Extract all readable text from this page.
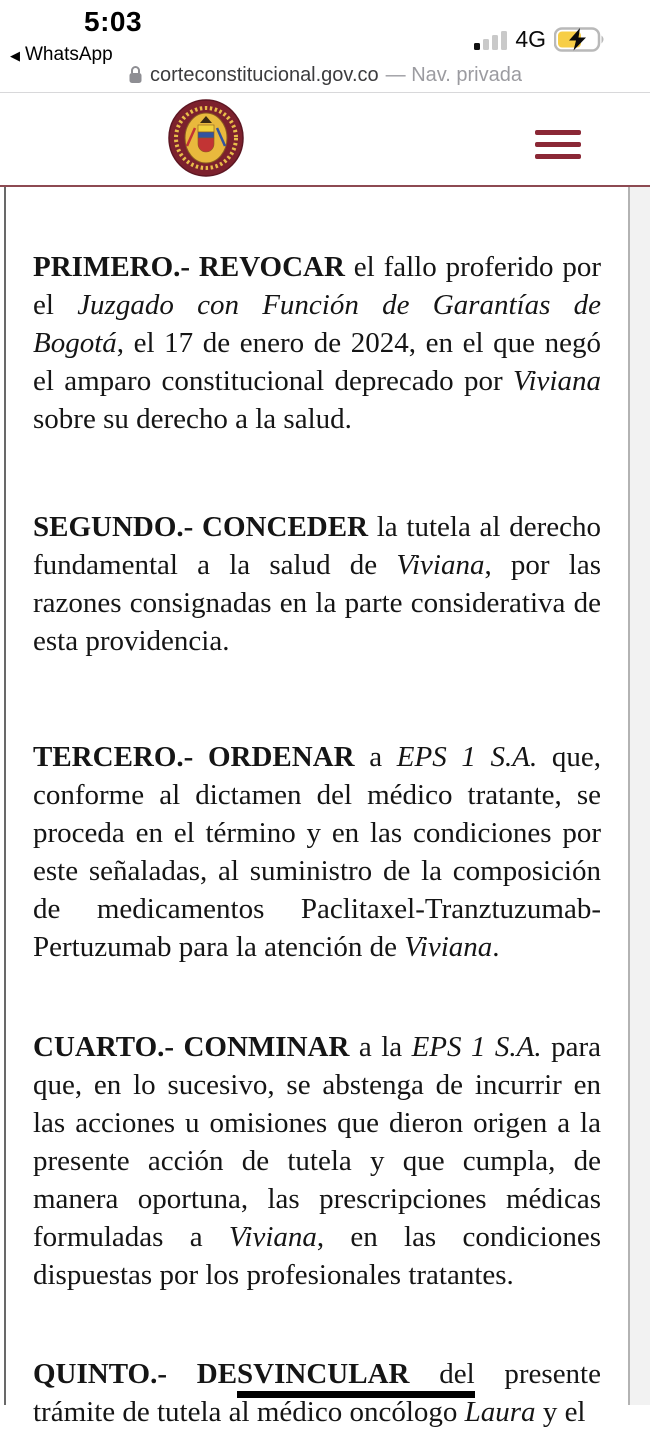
5:03
◀ WhatsApp
4G
corteconstitucional.gov.co — Nav. privada
PRIMERO.- REVOCAR el fallo proferido por el Juzgado con Función de Garantías de Bogotá, el 17 de enero de 2024, en el que negó el amparo constitucional deprecado por Viviana sobre su derecho a la salud.
SEGUNDO.- CONCEDER la tutela al derecho fundamental a la salud de Viviana, por las razones consignadas en la parte considerativa de esta providencia.
TERCERO.- ORDENAR a EPS 1 S.A. que, conforme al dictamen del médico tratante, se proceda en el término y en las condiciones por este señaladas, al suministro de la composición de medicamentos Paclitaxel-Tranztuzumab-Pertuzumab para la atención de Viviana.
CUARTO.- CONMINAR a la EPS 1 S.A. para que, en lo sucesivo, se abstenga de incurrir en las acciones u omisiones que dieron origen a la presente acción de tutela y que cumpla, de manera oportuna, las prescripciones médicas formuladas a Viviana, en las condiciones dispuestas por los profesionales tratantes.
QUINTO.- DESVINCULAR del presente trámite de tutela al médico oncólogo Laura y el
